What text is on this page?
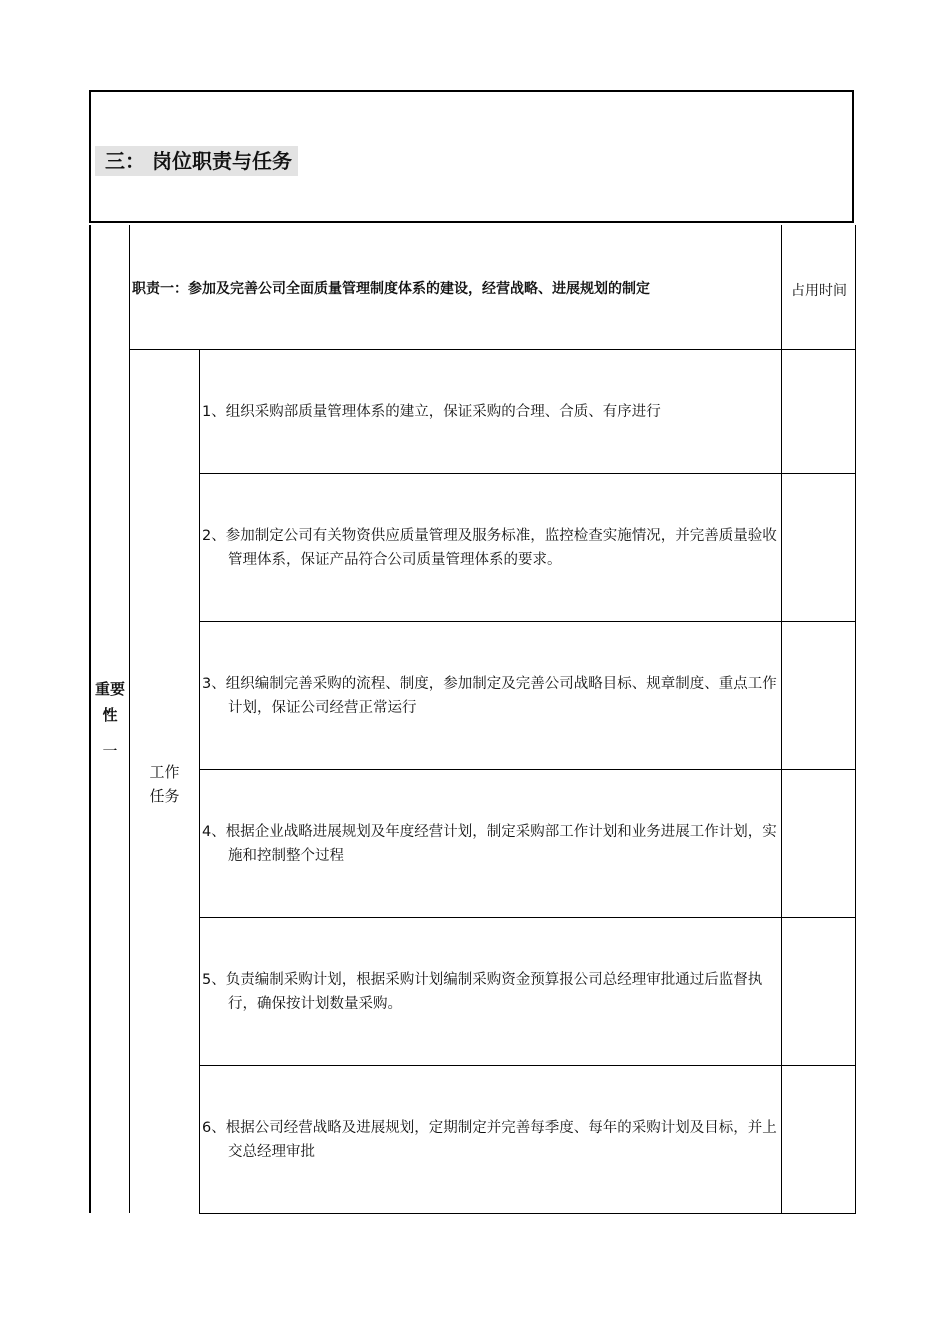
三： 岗位职责与任务
重要
性
一
职责一：参加及完善公司全面质量管理制度体系的建设，经营战略、进展规划的制定	占用时间
工作
任务
1、组织采购部质量管理体系的建立，保证采购的合理、合质、有序进行
2、参加制定公司有关物资供应质量管理及服务标准，监控检查实施情况，并完善质量验收管理体系，保证产品符合公司质量管理体系的要求。
3、组织编制完善采购的流程、制度，参加制定及完善公司战略目标、规章制度、重点工作计划，保证公司经营正常运行
4、根据企业战略进展规划及年度经营计划，制定采购部工作计划和业务进展工作计划，实施和控制整个过程
5、负责编制采购计划，根据采购计划编制采购资金预算报公司总经理审批通过后监督执行，确保按计划数量采购。
6、根据公司经营战略及进展规划，定期制定并完善每季度、每年的采购计划及目标，并上交总经理审批
